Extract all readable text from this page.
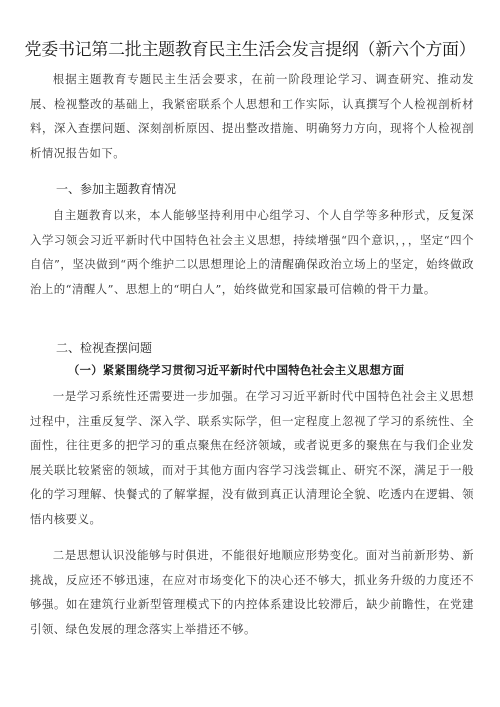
党委书记第二批主题教育民主生活会发言提纲（新六个方面）

根据主题教育专题民主生活会要求，在前一阶段理论学习、调查研究、推动发展、检视整改的基础上，我紧密联系个人思想和工作实际，认真撰写个人检视剖析材料，深入查摆问题、深刻剖析原因、提出整改措施、明确努力方向，现将个人检视剖析情况报告如下。

一、参加主题教育情况

自主题教育以来，本人能够坚持利用中心组学习、个人自学等多种形式，反复深入学习领会习近平新时代中国特色社会主义思想，持续增强“四个意识，，，坚定“四个自信”，坚决做到“两个维护二以思想理论上的清醒确保政治立场上的坚定，始终做政治上的“清醒人”、思想上的“明白人”，始终做党和国家最可信赖的骨干力量。

二、检视查摆问题
（一）紧紧围绕学习贯彻习近平新时代中国特色社会主义思想方面

一是学习系统性还需要进一步加强。在学习习近平新时代中国特色社会主义思想过程中，注重反复学、深入学、联系实际学，但一定程度上忽视了学习的系统性、全面性，往往更多的把学习的重点聚焦在经济领域，或者说更多的聚焦在与我们企业发展关联比较紧密的领域，而对于其他方面内容学习浅尝辄止、研究不深，满足于一般化的学习理解、快餐式的了解掌握，没有做到真正认清理论全貌、吃透内在逻辑、领悟内核要义。

二是思想认识没能够与时俱进，不能很好地顺应形势变化。面对当前新形势、新挑战，反应还不够迅速，在应对市场变化下的决心还不够大，抓业务升级的力度还不够强。如在建筑行业新型管理模式下的内控体系建设比较滞后，缺少前瞻性，在党建引领、绿色发展的理念落实上举措还不够。
